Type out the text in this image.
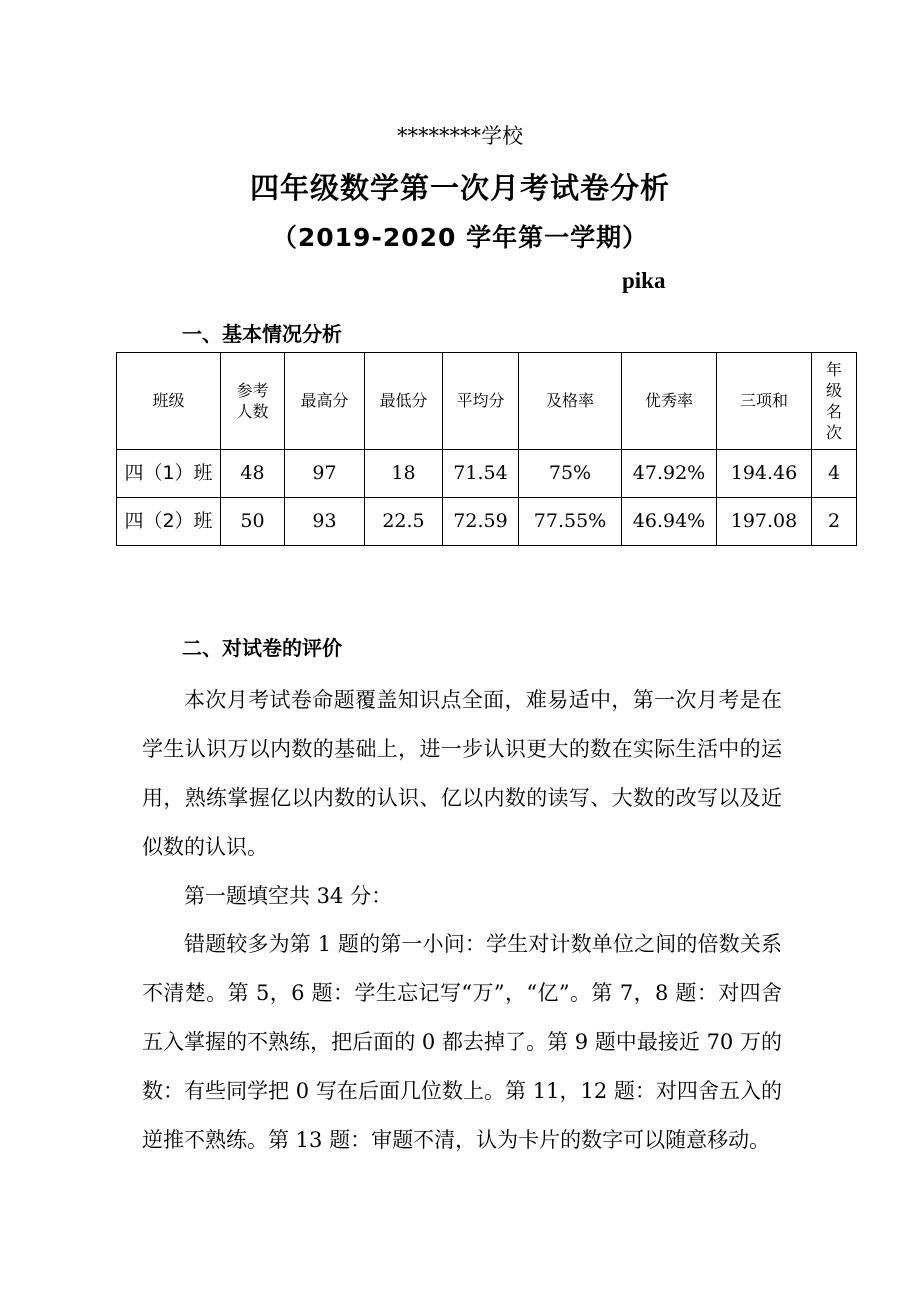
********学校
四年级数学第一次月考试卷分析
（2019-2020 学年第一学期）
pika
一、基本情况分析
班级	参考人数	最高分	最低分	平均分	及格率	优秀率	三项和	年级名次
四（1）班	48	97	18	71.54	75%	47.92%	194.46	4
四（2）班	50	93	22.5	72.59	77.55%	46.94%	197.08	2
二、对试卷的评价
本次月考试卷命题覆盖知识点全面，难易适中，第一次月考是在学生认识万以内数的基础上，进一步认识更大的数在实际生活中的运用，熟练掌握亿以内数的认识、亿以内数的读写、大数的改写以及近似数的认识。
第一题填空共 34 分：
错题较多为第 1 题的第一小问：学生对计数单位之间的倍数关系不清楚。第 5，6 题：学生忘记写“万”，“亿”。第 7，8 题：对四舍五入掌握的不熟练，把后面的 0 都去掉了。第 9 题中最接近 70 万的数：有些同学把 0 写在后面几位数上。第 11，12 题：对四舍五入的逆推不熟练。第 13 题：审题不清，认为卡片的数字可以随意移动。
